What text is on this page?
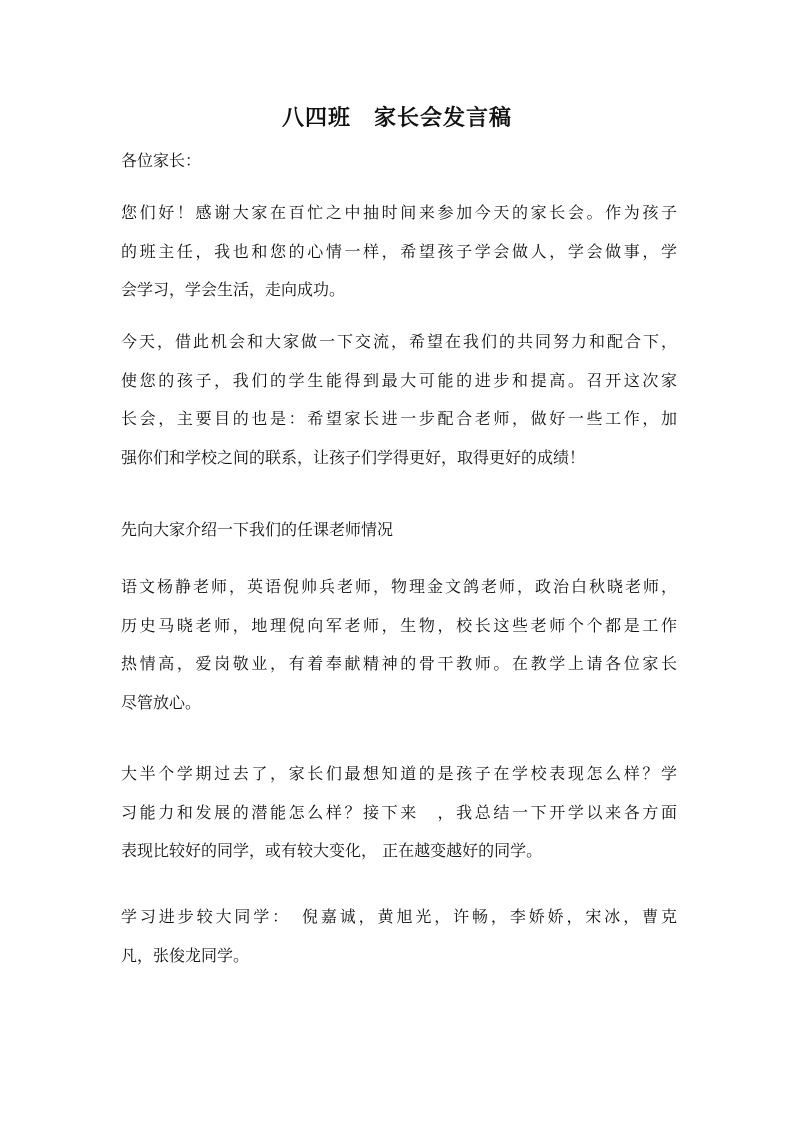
八四班　家长会发言稿
各位家长：
您们好！感谢大家在百忙之中抽时间来参加今天的家长会。作为孩子
的班主任，我也和您的心情一样，希望孩子学会做人，学会做事，学
会学习，学会生活，走向成功。
今天，借此机会和大家做一下交流，希望在我们的共同努力和配合下，
使您的孩子，我们的学生能得到最大可能的进步和提高。召开这次家
长会，主要目的也是：希望家长进一步配合老师，做好一些工作，加
强你们和学校之间的联系，让孩子们学得更好，取得更好的成绩！
先向大家介绍一下我们的任课老师情况
语文杨静老师，英语倪帅兵老师，物理金文鸽老师，政治白秋晓老师，
历史马晓老师，地理倪向军老师，生物，校长这些老师个个都是工作
热情高，爱岗敬业，有着奉献精神的骨干教师。在教学上请各位家长
尽管放心。
大半个学期过去了，家长们最想知道的是孩子在学校表现怎么样？学
习能力和发展的潜能怎么样？接下来　，我总结一下开学以来各方面
表现比较好的同学，或有较大变化， 正在越变越好的同学。
学习进步较大同学：　倪嘉诚，黄旭光，许畅，李娇娇，宋冰，曹克
凡，张俊龙同学。
